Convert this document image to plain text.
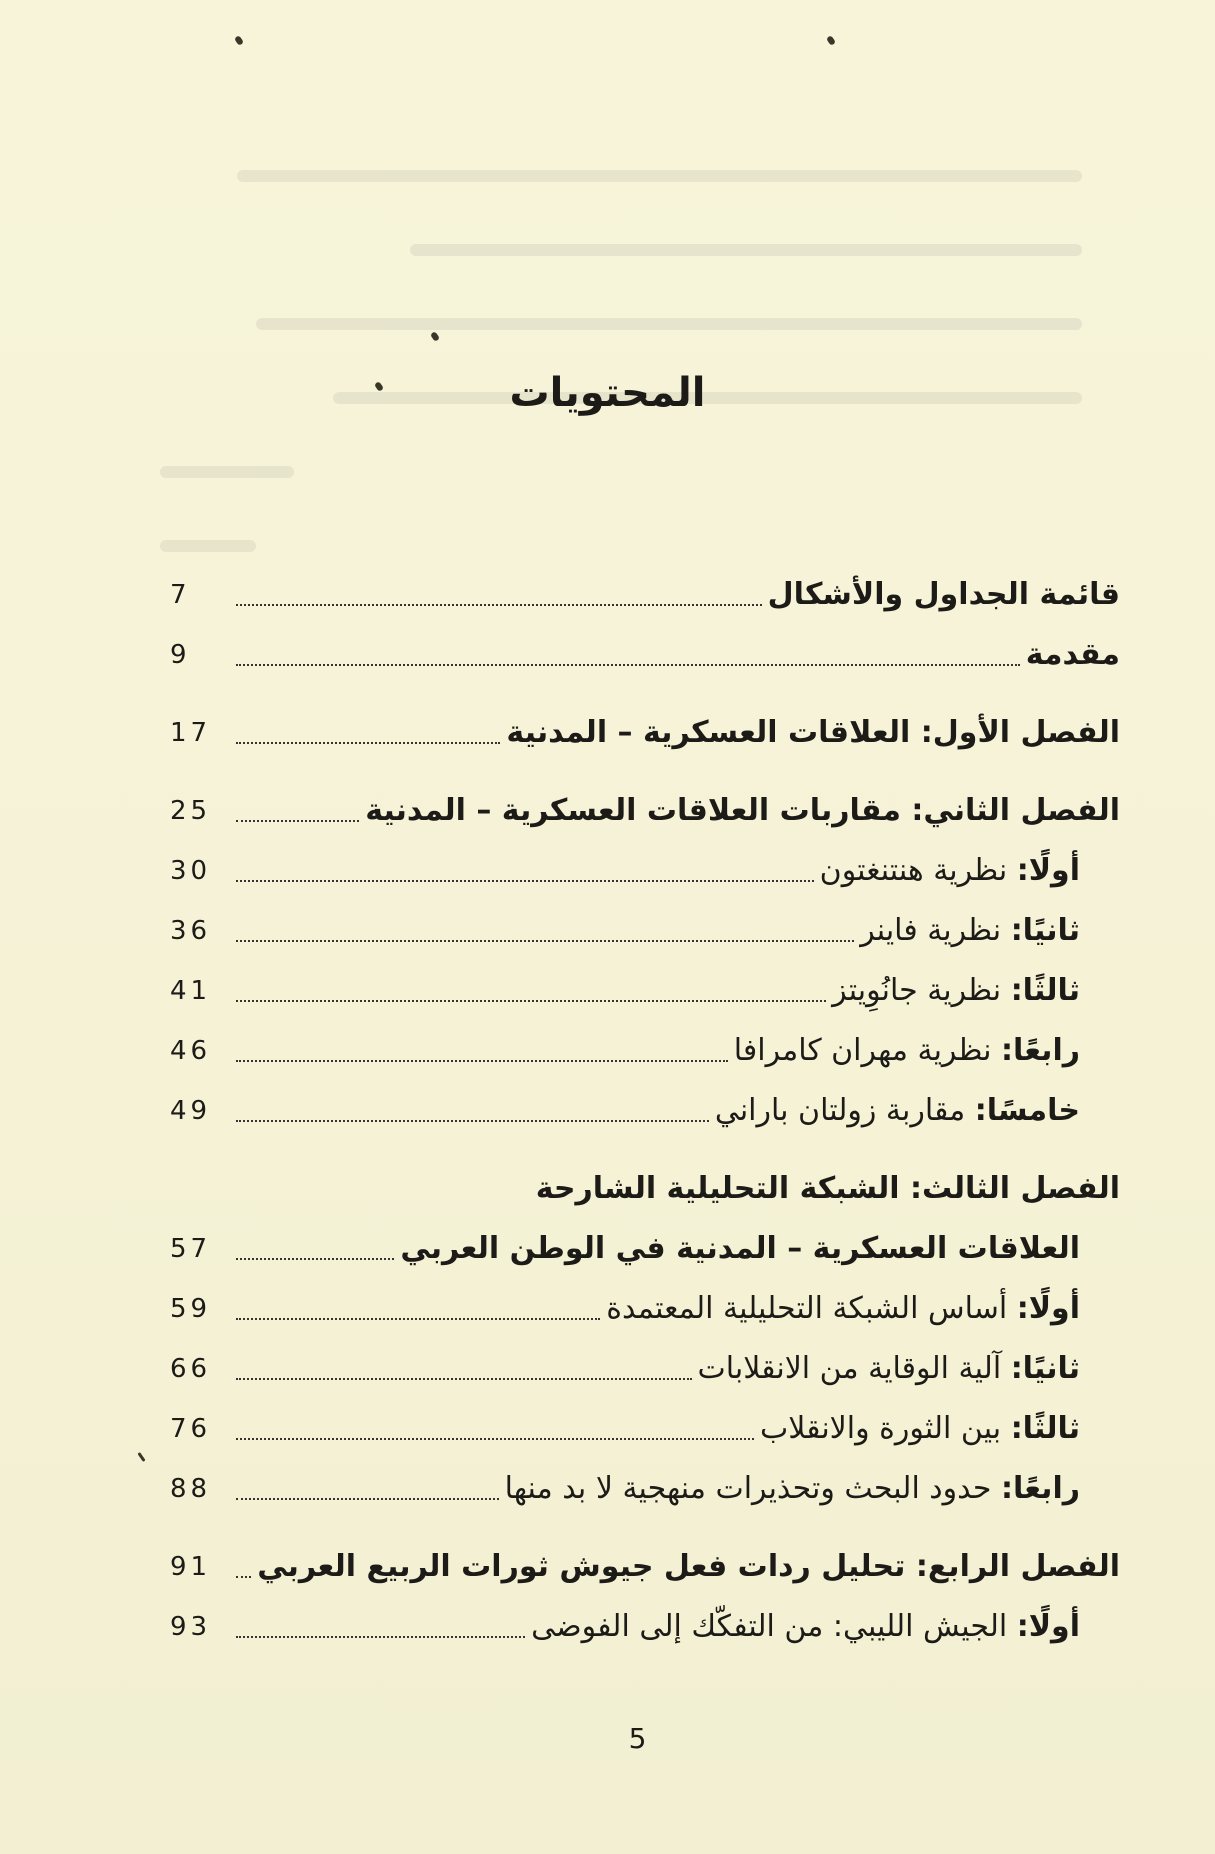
المحتويات
قائمة الجداول والأشكال
7
مقدمة
9
الفصل الأول: العلاقات العسكرية – المدنية
17
الفصل الثاني: مقاربات العلاقات العسكرية – المدنية
25
أولًا: نظرية هنتنغتون
30
ثانيًا: نظرية فاينر
36
ثالثًا: نظرية جانُوِيتز
41
رابعًا: نظرية مهران كامرافا
46
خامسًا: مقاربة زولتان باراني
49
الفصل الثالث: الشبكة التحليلية الشارحة
العلاقات العسكرية – المدنية في الوطن العربي
57
أولًا: أساس الشبكة التحليلية المعتمدة
59
ثانيًا: آلية الوقاية من الانقلابات
66
ثالثًا: بين الثورة والانقلاب
76
رابعًا: حدود البحث وتحذيرات منهجية لا بد منها
88
الفصل الرابع: تحليل ردات فعل جيوش ثورات الربيع العربي
91
أولًا: الجيش الليبي: من التفكّك إلى الفوضى
93
5
